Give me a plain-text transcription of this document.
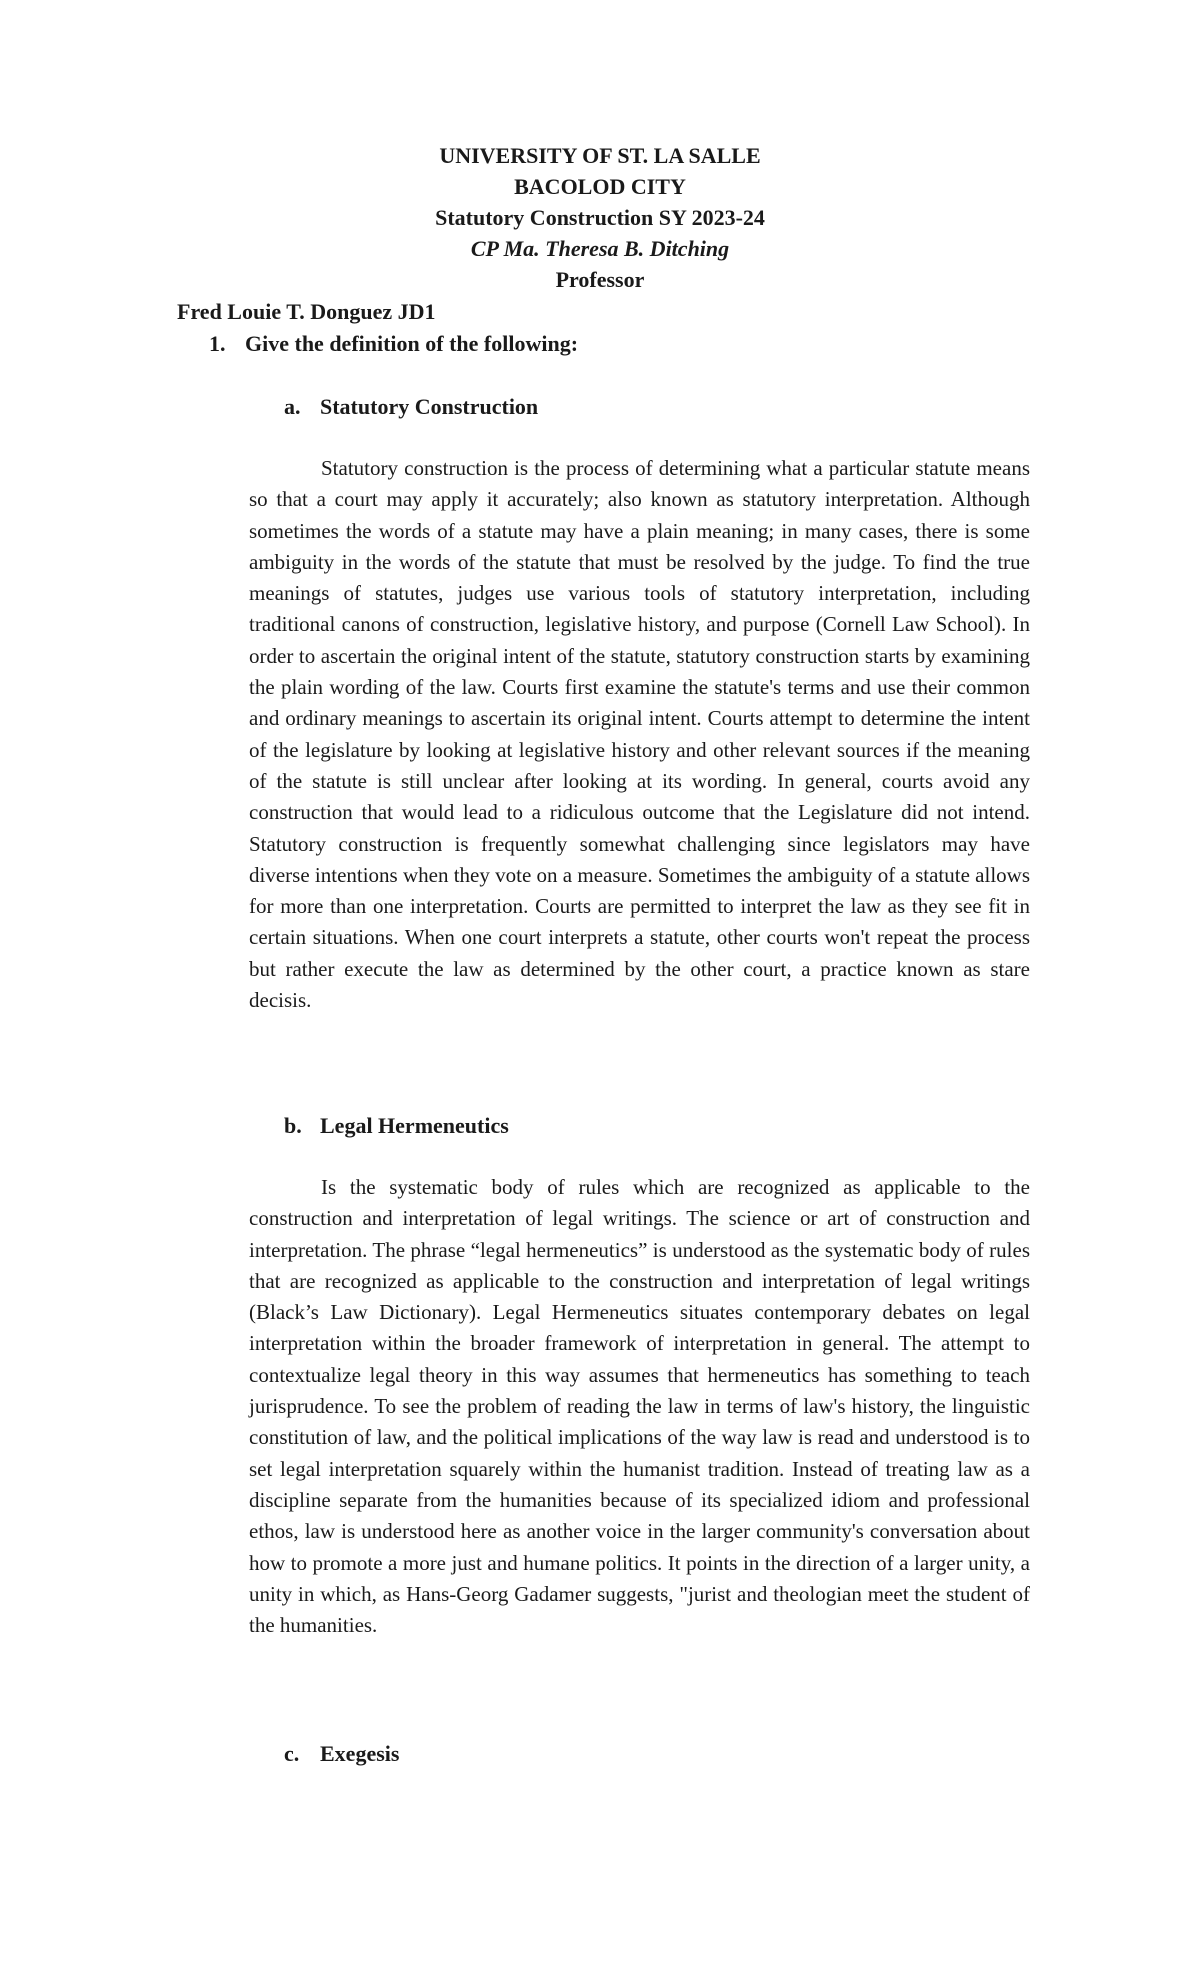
UNIVERSITY OF ST. LA SALLE
BACOLOD CITY
Statutory Construction SY 2023-24
CP Ma. Theresa B. Ditching
Professor
Fred Louie T. Donguez JD1
1. Give the definition of the following:
a. Statutory Construction

Statutory construction is the process of determining what a particular statute means so that a court may apply it accurately; also known as statutory interpretation. Although sometimes the words of a statute may have a plain meaning; in many cases, there is some ambiguity in the words of the statute that must be resolved by the judge. To find the true meanings of statutes, judges use various tools of statutory interpretation, including traditional canons of construction, legislative history, and purpose (Cornell Law School). In order to ascertain the original intent of the statute, statutory construction starts by examining the plain wording of the law. Courts first examine the statute's terms and use their common and ordinary meanings to ascertain its original intent. Courts attempt to determine the intent of the legislature by looking at legislative history and other relevant sources if the meaning of the statute is still unclear after looking at its wording. In general, courts avoid any construction that would lead to a ridiculous outcome that the Legislature did not intend. Statutory construction is frequently somewhat challenging since legislators may have diverse intentions when they vote on a measure. Sometimes the ambiguity of a statute allows for more than one interpretation. Courts are permitted to interpret the law as they see fit in certain situations. When one court interprets a statute, other courts won't repeat the process but rather execute the law as determined by the other court, a practice known as stare decisis.

b. Legal Hermeneutics

Is the systematic body of rules which are recognized as applicable to the construction and interpretation of legal writings. The science or art of construction and interpretation. The phrase “legal hermeneutics” is understood as the systematic body of rules that are recognized as applicable to the construction and interpretation of legal writings (Black’s Law Dictionary). Legal Hermeneutics situates contemporary debates on legal interpretation within the broader framework of interpretation in general. The attempt to contextualize legal theory in this way assumes that hermeneutics has something to teach jurisprudence. To see the problem of reading the law in terms of law's history, the linguistic constitution of law, and the political implications of the way law is read and understood is to set legal interpretation squarely within the humanist tradition. Instead of treating law as a discipline separate from the humanities because of its specialized idiom and professional ethos, law is understood here as another voice in the larger community's conversation about how to promote a more just and humane politics. It points in the direction of a larger unity, a unity in which, as Hans-Georg Gadamer suggests, "jurist and theologian meet the student of the humanities.

c. Exegesis
